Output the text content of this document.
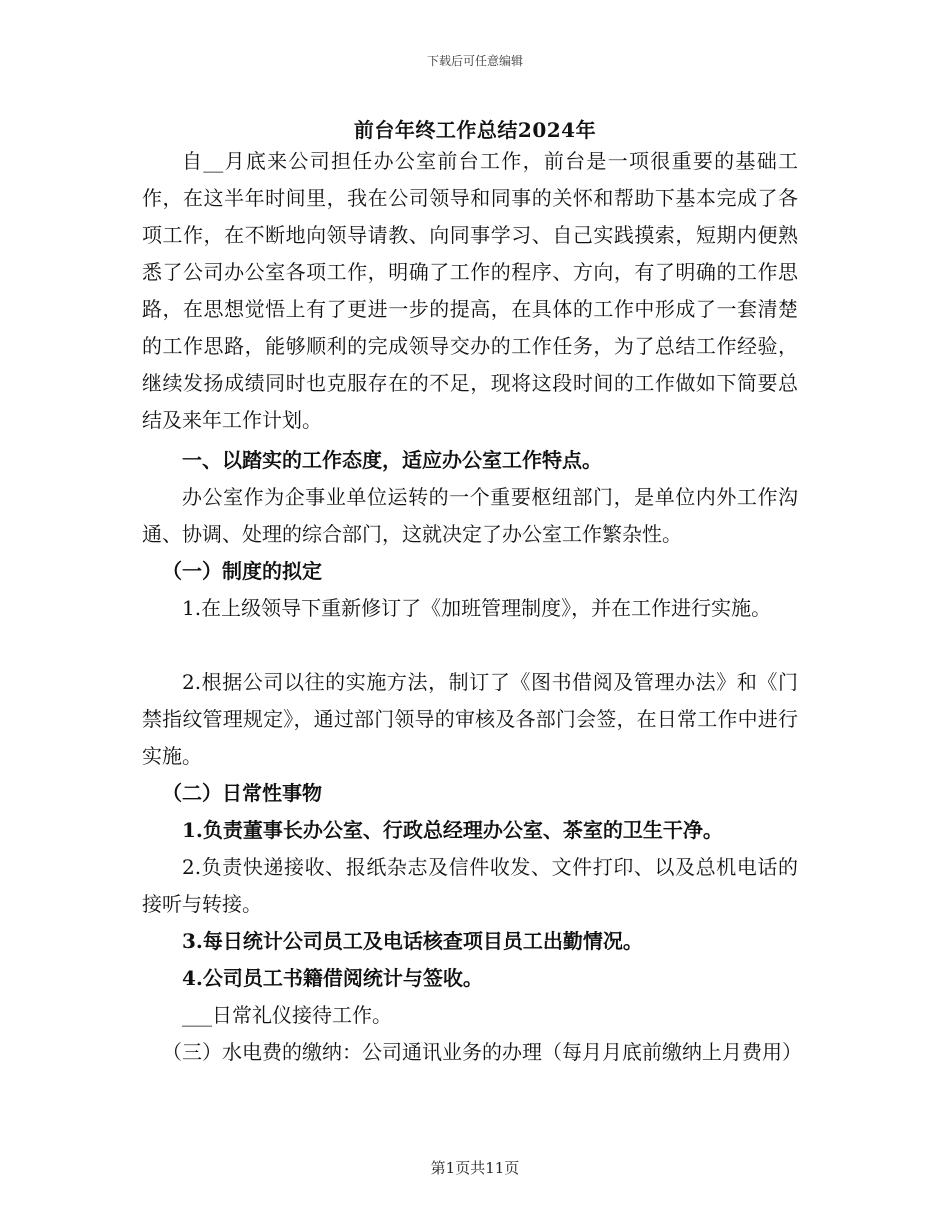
下载后可任意编辑
前台年终工作总结2024年

自__月底来公司担任办公室前台工作，前台是一项很重要的基础工作，在这半年时间里，我在公司领导和同事的关怀和帮助下基本完成了各项工作，在不断地向领导请教、向同事学习、自己实践摸索，短期内便熟悉了公司办公室各项工作，明确了工作的程序、方向，有了明确的工作思路，在思想觉悟上有了更进一步的提高，在具体的工作中形成了一套清楚的工作思路，能够顺利的完成领导交办的工作任务，为了总结工作经验，继续发扬成绩同时也克服存在的不足，现将这段时间的工作做如下简要总结及来年工作计划。

一、以踏实的工作态度，适应办公室工作特点。

办公室作为企事业单位运转的一个重要枢纽部门，是单位内外工作沟通、协调、处理的综合部门，这就决定了办公室工作繁杂性。

（一）制度的拟定

1.在上级领导下重新修订了《加班管理制度》，并在工作进行实施。

2.根据公司以往的实施方法，制订了《图书借阅及管理办法》和《门禁指纹管理规定》，通过部门领导的审核及各部门会签，在日常工作中进行实施。

（二）日常性事物

1.负责董事长办公室、行政总经理办公室、茶室的卫生干净。

2.负责快递接收、报纸杂志及信件收发、文件打印、以及总机电话的接听与转接。

3.每日统计公司员工及电话核查项目员工出勤情况。

4.公司员工书籍借阅统计与签收。

___日常礼仪接待工作。

（三）水电费的缴纳：公司通讯业务的办理（每月月底前缴纳上月费用）

第1页共11页
